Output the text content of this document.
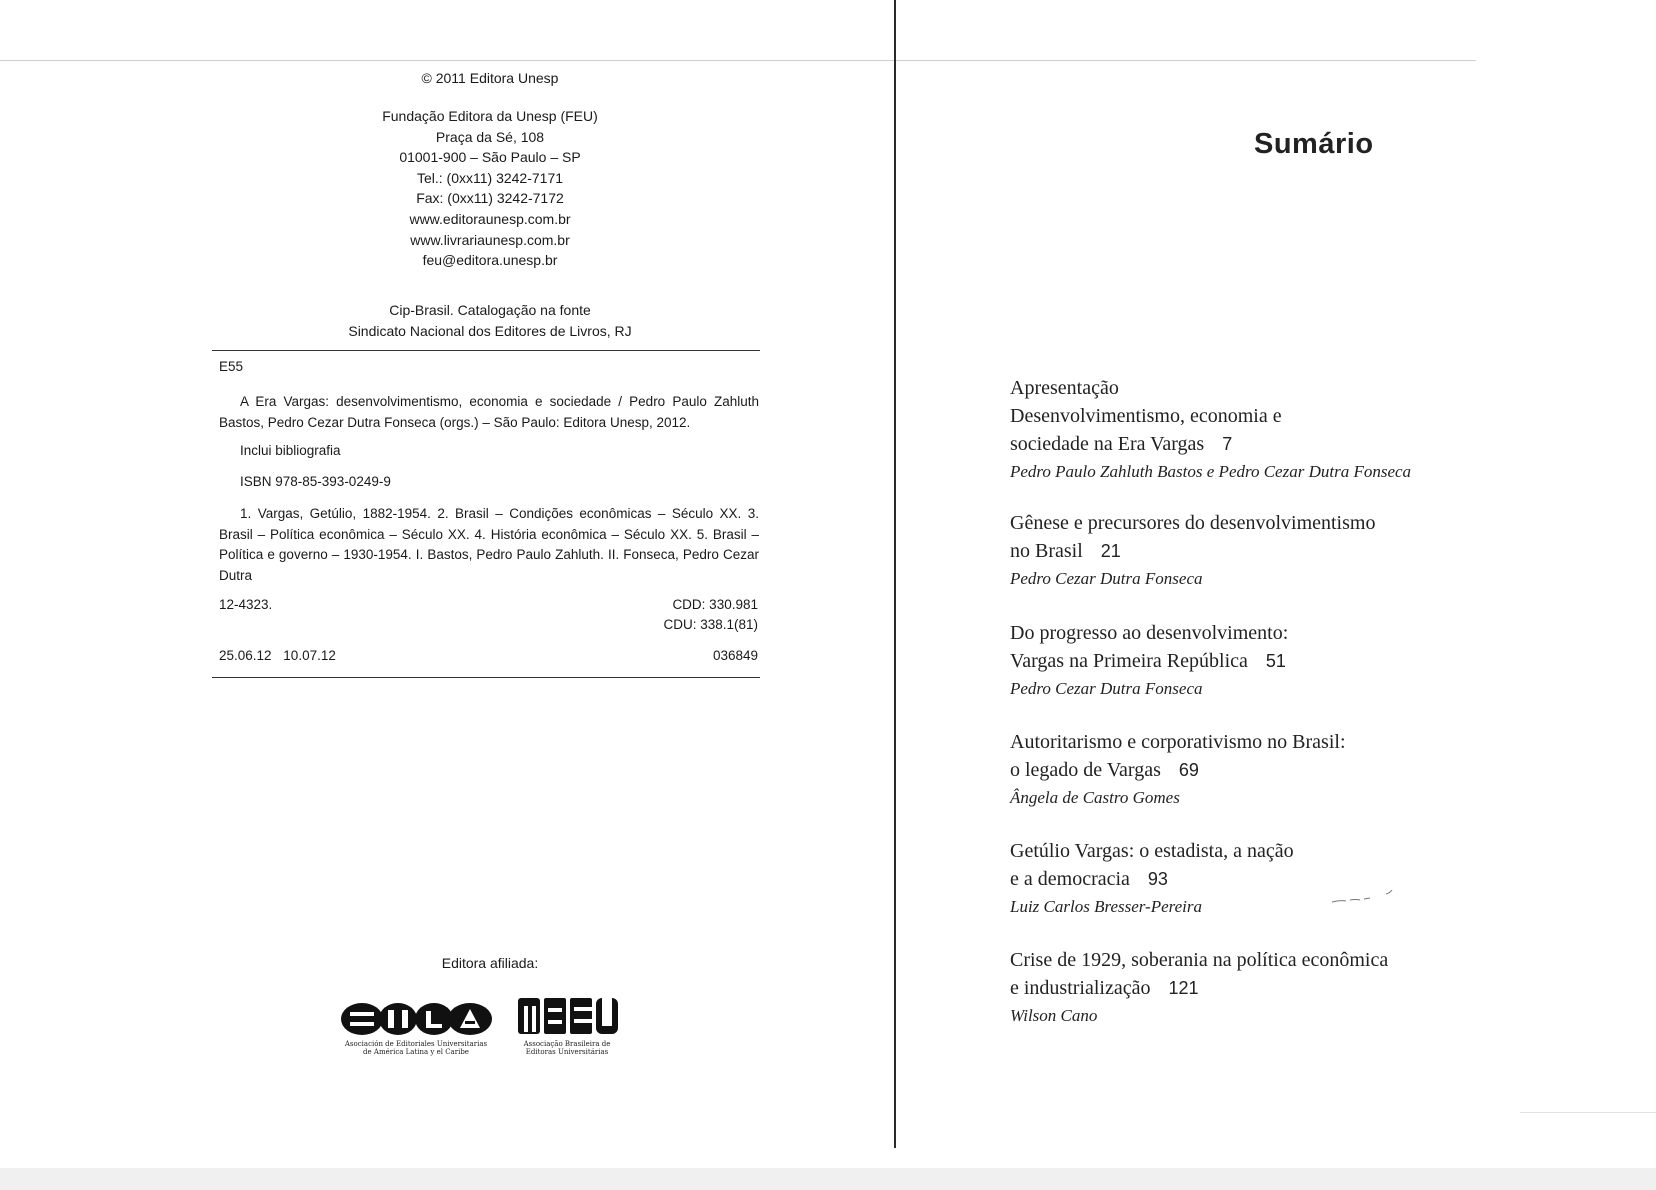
© 2011 Editora Unesp
Fundação Editora da Unesp (FEU)
Praça da Sé, 108
01001-900 – São Paulo – SP
Tel.: (0xx11) 3242-7171
Fax: (0xx11) 3242-7172
www.editoraunesp.com.br
www.livrariaunesp.com.br
feu@editora.unesp.br
Cip-Brasil. Catalogação na fonte
Sindicato Nacional dos Editores de Livros, RJ
E55
A Era Vargas: desenvolvimentismo, economia e sociedade / Pedro Paulo Zahluth Bastos, Pedro Cezar Dutra Fonseca (orgs.) – São Paulo: Editora Unesp, 2012.
Inclui bibliografia
ISBN 978-85-393-0249-9
1. Vargas, Getúlio, 1882-1954. 2. Brasil – Condições econômicas – Século XX. 3. Brasil – Política econômica – Século XX. 4. História econômica – Século XX. 5. Brasil – Política e governo – 1930-1954. I. Bastos, Pedro Paulo Zahluth. II. Fonseca, Pedro Cezar Dutra
12-4323.	CDD: 330.981
CDU: 338.1(81)
25.06.12 10.07.12	036849
Editora afiliada:
Asociación de Editoriales Universitarias
de América Latina y el Caribe
Associação Brasileira de
Editoras Universitárias
Sumário
Apresentação
Desenvolvimentismo, economia e
sociedade na Era Vargas 7
Pedro Paulo Zahluth Bastos e Pedro Cezar Dutra Fonseca
Gênese e precursores do desenvolvimentismo
no Brasil 21
Pedro Cezar Dutra Fonseca
Do progresso ao desenvolvimento:
Vargas na Primeira República 51
Pedro Cezar Dutra Fonseca
Autoritarismo e corporativismo no Brasil:
o legado de Vargas 69
Ângela de Castro Gomes
Getúlio Vargas: o estadista, a nação
e a democracia 93
Luiz Carlos Bresser-Pereira
Crise de 1929, soberania na política econômica
e industrialização 121
Wilson Cano
